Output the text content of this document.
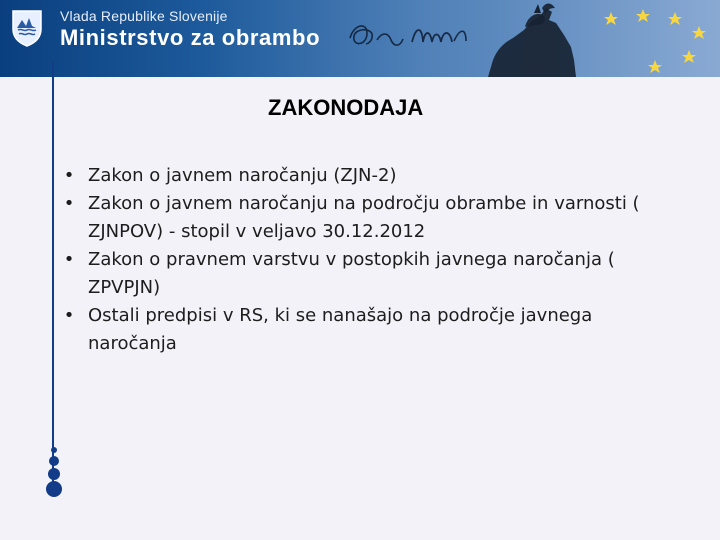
Vlada Republike Slovenije
Ministrstvo za obrambo
ZAKONODAJA
• Zakon o javnem naročanju (ZJN-2)
• Zakon o javnem naročanju na področju obrambe in varnosti ( ZJNPOV) - stopil v veljavo 30.12.2012
• Zakon o pravnem varstvu v postopkih javnega naročanja ( ZPVPJN)
• Ostali predpisi v RS, ki se nanašajo na področje javnega naročanja
